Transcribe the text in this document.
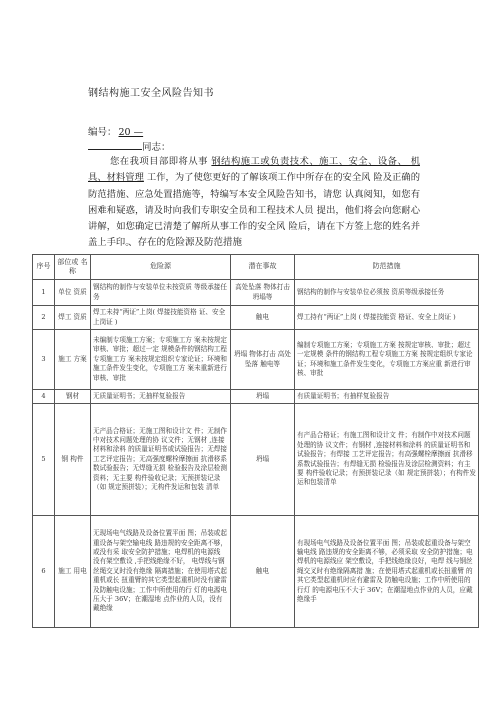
钢结构施工安全风险告知书
编号： 20 —
同志：
您在我项目部即将从事 钢结构施工或负责技术、施工、安全、设备、 机具、材料管理 工作，为了使您更好的了解该项工作中所存在的安全风 险及正确的防范措施、应急处置措施等，特编写本安全风险告知书，请您 认真阅知，如您有困难和疑惑，请及时向我们专职安全员和工程技术人员 提出，他们将会向您耐心讲解，如您确定已清楚了解所从事工作的安全风 险后，请在下方签上您的姓名并盖上手印。
、存在的危险源及防范措施
序号	部位或 名称	危险源	潜在事故	防范措施
1	单位 资质	钢结构的制作与安装单位未按资质 等级承接任务	高处坠落 物体打击 坍塌等	钢结构的制作与安装单位必须按 资质等级承接任务
2	焊工 资质	焊工未持“两证”上岗( 焊接技能资格 证、安全上岗证 )	触电	焊工持有“两证”上岗 ( 焊接技能资 格证、安全上岗证 )
3	施工 方案	未编制专项施工方案；专项施工方 案未按规定审核、审批；超过一定 规模条件的钢结构工程专项施工方 案未按规定组织专家论证；环境和 施工条件发生变化，专项施工方 案未重新进行审核、审批	坍塌 物体打击 高处坠落 触电等	编制专项施工方案；专项施工方案 按规定审核、审批；超过一定规模 条件的钢结构工程专项施工方案 按规定组织专家论证；环境和施工条件发生变化，专项施工方案应重 新进行审核、审批
4	钢材	无质量证明书；无抽样复验报告	坍塌	有质量证明书；有抽样复验报告
5	钢 构件	无产品合格证；无施工图和设计文 件；无制作中对技术问题处理的协 议文件；无钢材 ,连接材料和涂料 的质量证明书或试验报告；无焊接 工艺评定报告；无高强度螺栓摩擦面 抗滑移系数试验报告；无焊缝无损 检验报告及涂层检测资料；无主要 构件验收记录；无预拼装记录（如 规定预拼装）；无构件发运和包装 清单	坍塌	有产品合格证；有施工图和设计文 件；有制作中对技术问题处理的协 议文件；有钢材 ,连接材料和涂料 的质量证明书和试验报告；有焊接 工艺评定报告；有高强螺栓摩擦面 抗滑移系数试验报告；有焊缝无损 检验报告及涂层检测资料；有主要 构件验收记录；有预拼装记录（如 规定预拼装）；有构件发运和包装清单
6	施工 用电	无现场电气线路及设备位置平面 图；吊装或起重设备与架空输电线 路违规的安全距离不够，或没有采 取安全防护措施；电焊机的电源线 没有架空敷设 ,手把线绝缘不好， 电焊线与钢丝绳交叉时没有绝缘 隔离措施；在使用塔式起重机或长 扭重臂的其它类型起重机时没有避雷 及防触电设施；工作中所使用的行 灯的电源电压大于 36V；在潮湿地 点作业的人员，没有戴绝缘	触电	有现场电气线路及设备位置平面 图；吊装或起重设备与架空输电线 路违规的安全距离不够，必须采取 安全防护措施；电焊机的电源线应 架空敷设，手把线绝缘良好，电焊 线与钢丝绳交叉时有绝缘隔离措 施；在使用塔式起重机或长扭重臂 的其它类型起重机时应有避雷及 防触电设施；工作中所使用的行灯 的电源电压不大于 36V；在潮湿地点作业的人员，应戴绝缘手
